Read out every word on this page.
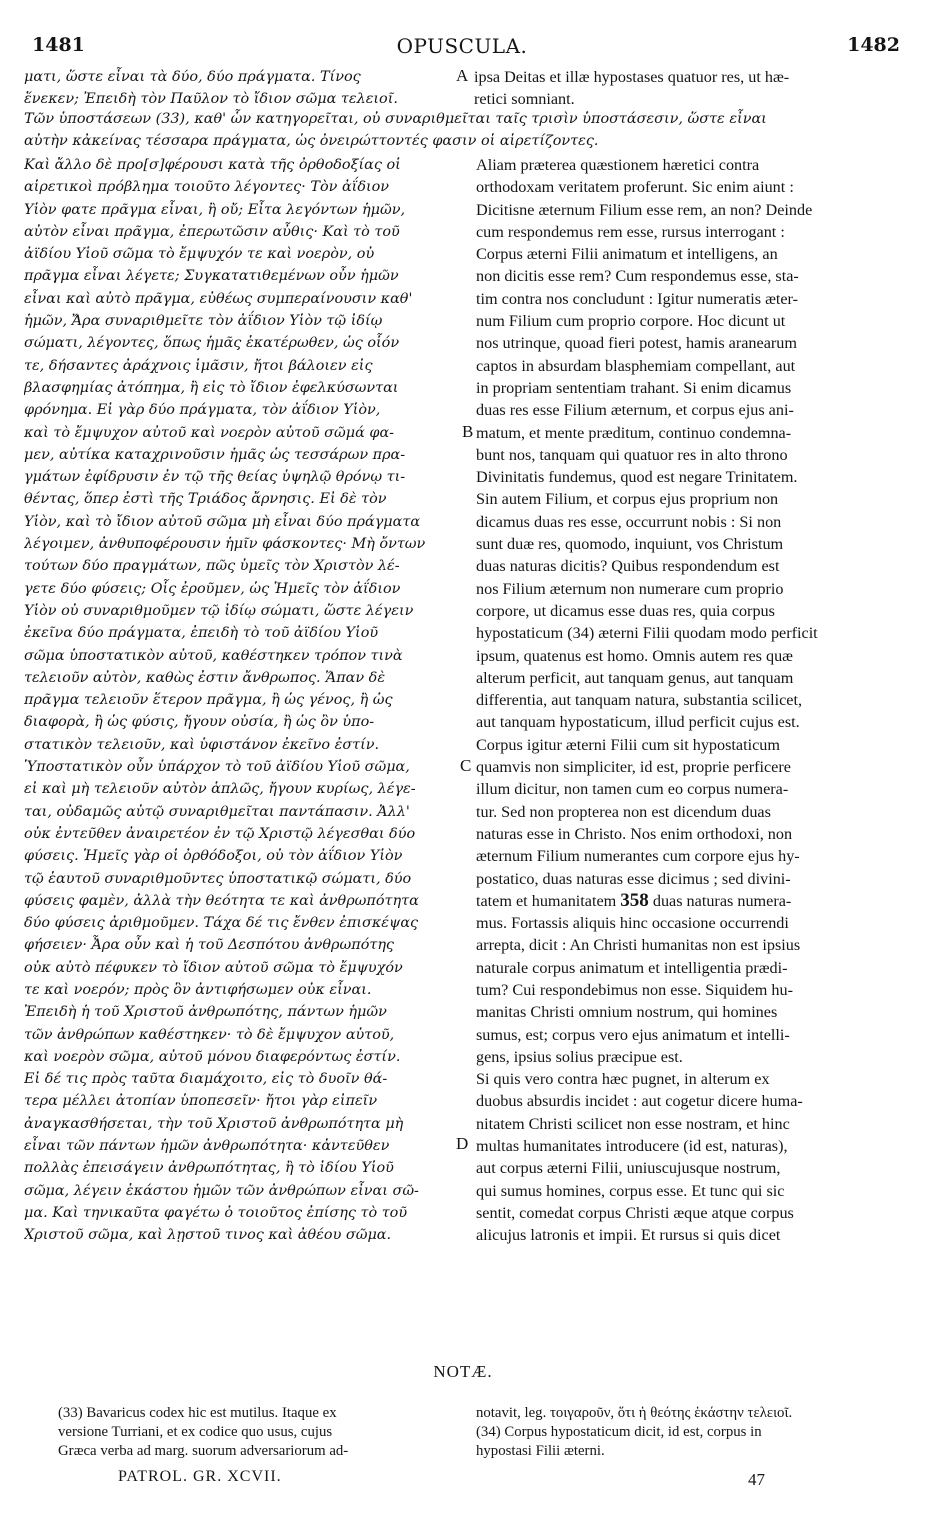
1481	OPUSCULA.	1482
ματι, ὥστε εἶναι τὰ δύο, δύο πράγματα. Τίνος
ἕνεκεν; Ἐπειδὴ τὸν Παῦλον τὸ ἴδιον σῶμα τελειοῖ.
ipsa Deitas et illæ hypostases quatuor res, ut hæ-
retici somniant.
Τῶν ὑποστάσεων (33), καθ' ὧν κατηγορεῖται, οὐ συναριθμεῖται ταῖς τρισὶν ὑποστάσεσιν, ὥστε εἶναι
αὐτὴν κἀκείνας τέσσαρα πράγματα, ὡς ὀνειρώττοντές φασιν οἱ αἱρετίζοντες.
Καὶ ἄλλο δὲ προ[σ]φέρουσι κατὰ τῆς ὀρθοδοξίας οἱ
αἱρετικοὶ πρόβλημα τοιοῦτο λέγοντες· Τὸν ἀΐδιον
Υἱὸν φατε πρᾶγμα εἶναι, ἢ οὔ; Εἶτα λεγόντων ἡμῶν,
αὐτὸν εἶναι πρᾶγμα, ἐπερωτῶσιν αὖθις· Καὶ τὸ τοῦ
ἀϊδίου Υἱοῦ σῶμα τὸ ἔμψυχόν τε καὶ νοερὸν, οὐ
πρᾶγμα εἶναι λέγετε; Συγκατατιθεμένων οὖν ἡμῶν
εἶναι καὶ αὐτὸ πρᾶγμα, εὐθέως συμπεραίνουσιν καθ'
ἡμῶν, Ἄρα συναριθμεῖτε τὸν ἀΐδιον Υἱὸν τῷ ἰδίῳ
σώματι, λέγοντες, ὅπως ἡμᾶς ἑκατέρωθεν, ὡς οἷόν
τε, δήσαντες ἀράχνοις ἱμᾶσιν, ἤτοι βάλοιεν εἰς
βλασφημίας ἀτόπημα, ἢ εἰς τὸ ἴδιον ἐφελκύσωνται
φρόνημα. Εἰ γὰρ δύο πράγματα, τὸν ἀΐδιον Υἱὸν,
καὶ τὸ ἔμψυχον αὐτοῦ καὶ νοερὸν αὐτοῦ σῶμά φα-
μεν, αὐτίκα καταχρινοῦσιν ἡμᾶς ὡς τεσσάρων πρα-
γμάτων ἐφίδρυσιν ἐν τῷ τῆς θείας ὑψηλῷ θρόνῳ τι-
θέντας, ὅπερ ἐστὶ τῆς Τριάδος ἄρνησις. Εἰ δὲ τὸν
Υἱὸν, καὶ τὸ ἴδιον αὐτοῦ σῶμα μὴ εἶναι δύο πράγματα
λέγοιμεν, ἀνθυποφέρουσιν ἡμῖν φάσκοντες· Μὴ ὄντων
τούτων δύο πραγμάτων, πῶς ὑμεῖς τὸν Χριστὸν λέ-
γετε δύο φύσεις; Οἷς ἐροῦμεν, ὡς Ἡμεῖς τὸν ἀΐδιον
Υἱὸν οὐ συναριθμοῦμεν τῷ ἰδίῳ σώματι, ὥστε λέγειν
ἐκεῖνα δύο πράγματα, ἐπειδὴ τὸ τοῦ ἀϊδίου Υἱοῦ
σῶμα ὑποστατικὸν αὐτοῦ, καθέστηκεν τρόπον τινὰ
τελειοῦν αὐτὸν, καθὼς ἐστιν ἄνθρωπος. Ἅπαν δὲ
πρᾶγμα τελειοῦν ἕτερον πρᾶγμα, ἢ ὡς γένος, ἢ ὡς
διαφορὰ, ἢ ὡς φύσις, ἤγουν οὐσία, ἢ ὡς ὂν ὑπο-
στατικὸν τελειοῦν, καὶ ὑφιστάνον ἐκεῖνο ἐστίν.
Ὑποστατικὸν οὖν ὑπάρχον τὸ τοῦ ἀϊδίου Υἱοῦ σῶμα,
εἰ καὶ μὴ τελειοῦν αὐτὸν ἁπλῶς, ἤγουν κυρίως, λέγε-
ται, οὐδαμῶς αὐτῷ συναριθμεῖται παντάπασιν. Ἀλλ'
οὐκ ἐντεῦθεν ἀναιρετέον ἐν τῷ Χριστῷ λέγεσθαι δύο
φύσεις. Ἡμεῖς γὰρ οἱ ὀρθόδοξοι, οὐ τὸν ἀΐδιον Υἱὸν
τῷ ἑαυτοῦ συναριθμοῦντες ὑποστατικῷ σώματι, δύο
φύσεις φαμὲν, ἀλλὰ τὴν θεότητα τε καὶ ἀνθρωπότητα
δύο φύσεις ἀριθμοῦμεν. Τάχα δέ τις ἔνθεν ἐπισκέψας
φήσειεν· Ἆρα οὖν καὶ ἡ τοῦ Δεσπότου ἀνθρωπότης
οὐκ αὐτὸ πέφυκεν τὸ ἴδιον αὐτοῦ σῶμα τὸ ἔμψυχόν
τε καὶ νοερόν; πρὸς ὃν ἀντιφήσωμεν οὐκ εἶναι.
Ἐπειδὴ ἡ τοῦ Χριστοῦ ἀνθρωπότης, πάντων ἡμῶν
τῶν ἀνθρώπων καθέστηκεν· τὸ δὲ ἔμψυχον αὐτοῦ,
καὶ νοερὸν σῶμα, αὐτοῦ μόνου διαφερόντως ἐστίν.
Εἰ δέ τις πρὸς ταῦτα διαμάχοιτο, εἰς τὸ δυοῖν θά-
τερα μέλλει ἀτοπίαν ὑποπεσεῖν· ἤτοι γὰρ εἰπεῖν
ἀναγκασθήσεται, τὴν τοῦ Χριστοῦ ἀνθρωπότητα μὴ
εἶναι τῶν πάντων ἡμῶν ἀνθρωπότητα· κἀντεῦθεν
πολλὰς ἐπεισάγειν ἀνθρωπότητας, ἢ τὸ ἰδίου Υἱοῦ
σῶμα, λέγειν ἑκάστου ἡμῶν τῶν ἀνθρώπων εἶναι σῶ-
μα. Καὶ τηνικαῦτα φαγέτω ὁ τοιοῦτος ἐπίσης τὸ τοῦ
Χριστοῦ σῶμα, καὶ λῃστοῦ τινος καὶ ἀθέου σῶμα.
Aliam præterea quæstionem hæretici contra
orthodoxam veritatem proferunt. Sic enim aiunt :
Dicitisne æternum Filium esse rem, an non? Deinde
cum respondemus rem esse, rursus interrogant :
Corpus æterni Filii animatum et intelligens, an
non dicitis esse rem? Cum respondemus esse, sta-
tim contra nos concludunt : Igitur numeratis æter-
num Filium cum proprio corpore. Hoc dicunt ut
nos utrinque, quoad fieri potest, hamis aranearum
captos in absurdam blasphemiam compellant, aut
in propriam sententiam trahant. Si enim dicamus
duas res esse Filium æternum, et corpus ejus ani-
matum, et mente præditum, continuo condemna-
bunt nos, tanquam qui quatuor res in alto throno
Divinitatis fundemus, quod est negare Trinitatem.
Sin autem Filium, et corpus ejus proprium non
dicamus duas res esse, occurrunt nobis : Si non
sunt duæ res, quomodo, inquiunt, vos Christum
duas naturas dicitis? Quibus respondendum est
nos Filium æternum non numerare cum proprio
corpore, ut dicamus esse duas res, quia corpus
hypostaticum (34) æterni Filii quodam modo perficit
ipsum, quatenus est homo. Omnis autem res quæ
alterum perficit, aut tanquam genus, aut tanquam
differentia, aut tanquam natura, substantia scilicet,
aut tanquam hypostaticum, illud perficit cujus est.
Corpus igitur æterni Filii cum sit hypostaticum
quamvis non simpliciter, id est, proprie perficere
illum dicitur, non tamen cum eo corpus numera-
tur. Sed non propterea non est dicendum duas
naturas esse in Christo. Nos enim orthodoxi, non
æternum Filium numerantes cum corpore ejus hy-
postatico, duas naturas esse dicimus ; sed divini-
tatem et humanitatem 358 duas naturas numera-
mus. Fortassis aliquis hinc occasione occurrendi
arrepta, dicit : An Christi humanitas non est ipsius
naturale corpus animatum et intelligentia prædi-
tum? Cui respondebimus non esse. Siquidem hu-
manitas Christi omnium nostrum, qui homines
sumus, est; corpus vero ejus animatum et intelli-
gens, ipsius solius præcipue est.
Si quis vero contra hæc pugnet, in alterum ex
duobus absurdis incidet : aut cogetur dicere huma-
nitatem Christi scilicet non esse nostram, et hinc
multas humanitates introducere (id est, naturas),
aut corpus æterni Filii, uniuscujusque nostrum,
qui sumus homines, corpus esse. Et tunc qui sic
sentit, comedat corpus Christi æque atque corpus
alicujus latronis et impii. Et rursus si quis dicet
A
B
C
D
NOTÆ.
(33) Bavaricus codex hic est mutilus. Itaque ex
versione Turriani, et ex codice quo usus, cujus
Græca verba ad marg. suorum adversariorum ad-
notavit, leg. τοιγαροῦν, ὅτι ἡ θεότης ἑκάστην τελειοῖ.
(34) Corpus hypostaticum dicit, id est, corpus in
hypostasi Filii æterni.
PATROL. GR. XCVII.	47
